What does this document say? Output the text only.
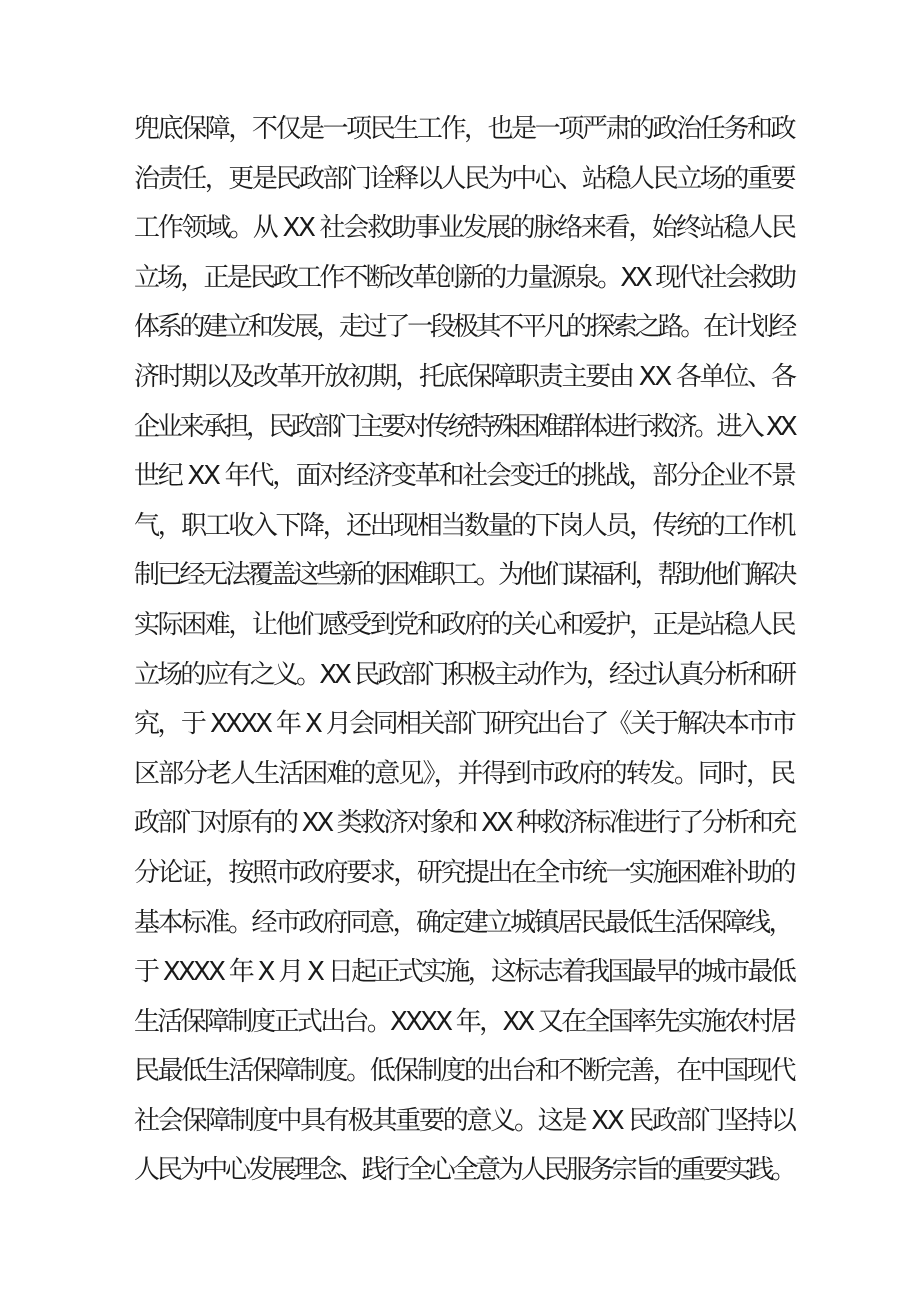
兜底保障，不仅是一项民生工作，也是一项严肃的政治任务和政
治责任，更是民政部门诠释以人民为中心、站稳人民立场的重要
工作领域。从 XX 社会救助事业发展的脉络来看，始终站稳人民
立场，正是民政工作不断改革创新的力量源泉。XX 现代社会救助
体系的建立和发展，走过了一段极其不平凡的探索之路。在计划经
济时期以及改革开放初期，托底保障职责主要由 XX 各单位、各
企业来承担，民政部门主要对传统特殊困难群体进行救济。进入 XX
世纪 XX 年代，面对经济变革和社会变迁的挑战，部分企业不景
气，职工收入下降，还出现相当数量的下岗人员，传统的工作机
制已经无法覆盖这些新的困难职工。为他们谋福利，帮助他们解决
实际困难，让他们感受到党和政府的关心和爱护，正是站稳人民
立场的应有之义。XX 民政部门积极主动作为，经过认真分析和研
究，于 XXXX 年 X 月会同相关部门研究出台了《关于解决本市市
区部分老人生活困难的意见》，并得到市政府的转发。同时，民
政部门对原有的 XX 类救济对象和 XX 种救济标准进行了分析和充
分论证，按照市政府要求，研究提出在全市统一实施困难补助的
基本标准。经市政府同意，确定建立城镇居民最低生活保障线，
于 XXXX 年 X 月 X 日起正式实施，这标志着我国最早的城市最低
生活保障制度正式出台。XXXX 年，XX 又在全国率先实施农村居
民最低生活保障制度。低保制度的出台和不断完善，在中国现代
社会保障制度中具有极其重要的意义。这是 XX 民政部门坚持以
人民为中心发展理念、践行全心全意为人民服务宗旨的重要实践。
